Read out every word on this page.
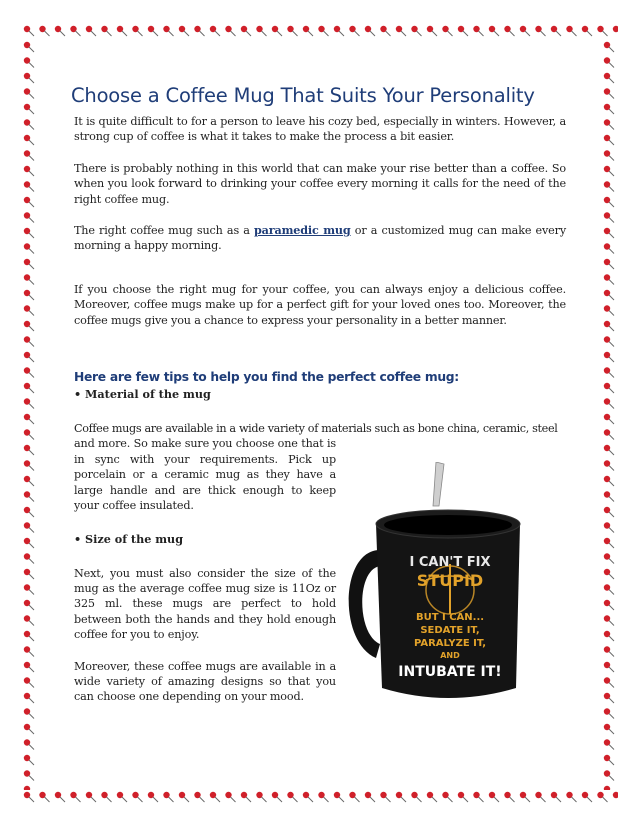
Choose a Coffee Mug That Suits Your Personality

It is quite difficult to for a person to leave his cozy bed, especially in winters. However, a strong cup of coffee is what it takes to make the process a bit easier.

There is probably nothing in this world that can make your rise better than a coffee. So when you look forward to drinking your coffee every morning it calls for the need of the right coffee mug.

The right coffee mug such as a paramedic mug or a customized mug can make every morning a happy morning.

If you choose the right mug for your coffee, you can always enjoy a delicious coffee. Moreover, coffee mugs make up for a perfect gift for your loved ones too. Moreover, the coffee mugs give you a chance to express your personality in a better manner.

Here are few tips to help you find the perfect coffee mug:
• Material of the mug

Coffee mugs are available in a wide variety of materials such as bone china, ceramic, steel

and more. So make sure you choose one that is in sync with your requirements. Pick up porcelain or a ceramic mug as they have a large handle and are thick enough to keep your coffee insulated.

• Size of the mug

Next, you must also consider the size of the mug as the average coffee mug size is 11Oz or 325 ml. these mugs are perfect to hold between both the hands and they hold enough coffee for you to enjoy.

Moreover, these coffee mugs are available in a wide variety of amazing designs so that you can choose one depending on your mood.

I CAN'T FIX
STUPID
BUT I CAN...
SEDATE IT,
PARALYZE IT,
AND
INTUBATE IT!
